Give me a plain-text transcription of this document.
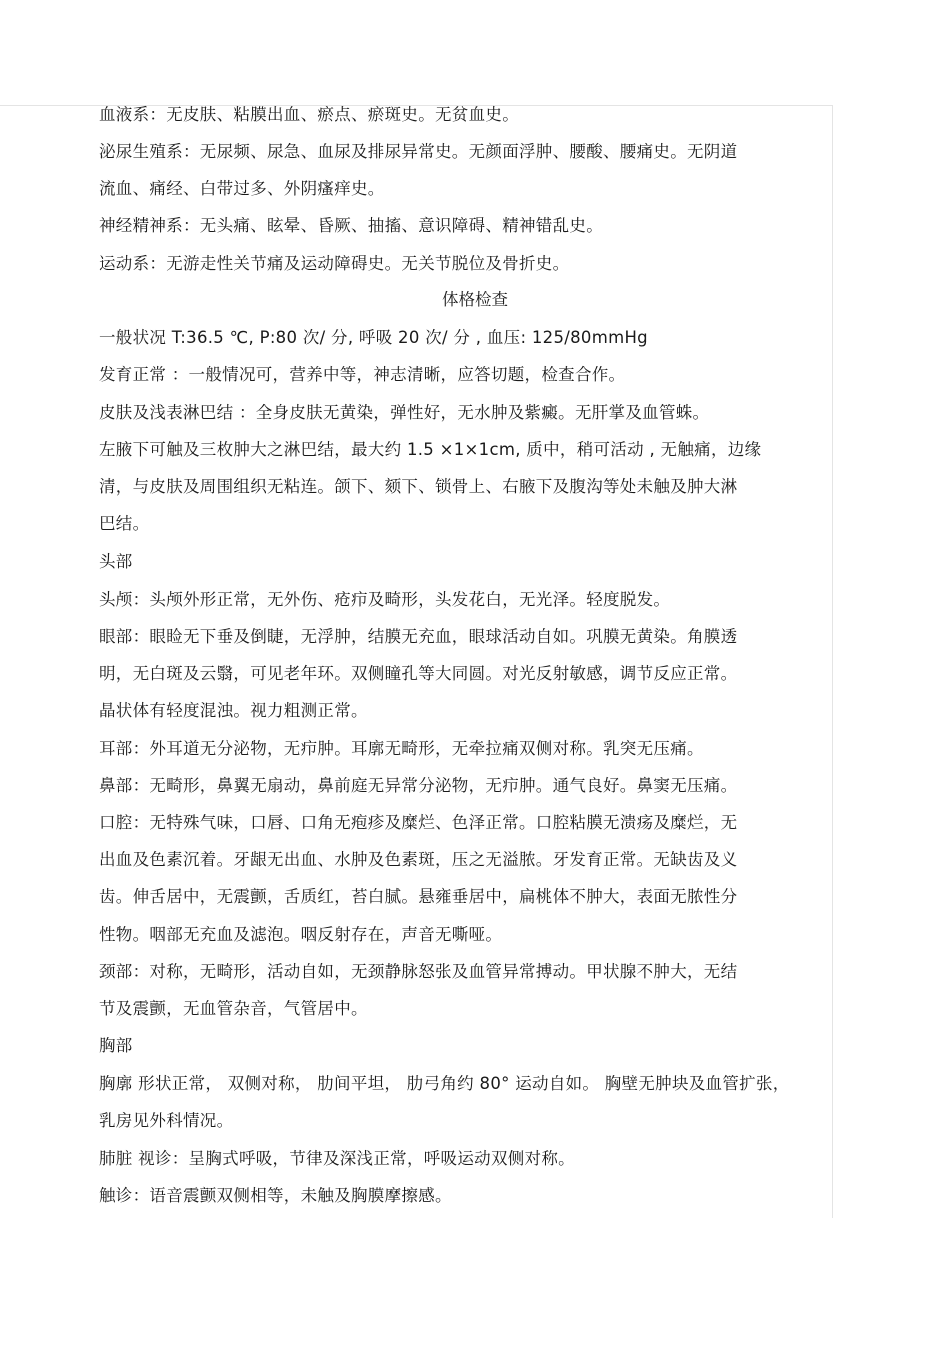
血液系：无皮肤、粘膜出血、瘀点、瘀斑史。无贫血史。
泌尿生殖系：无尿频、尿急、血尿及排尿异常史。无颜面浮肿、腰酸、腰痛史。无阴道
流血、痛经、白带过多、外阴瘙痒史。
神经精神系：无头痛、眩晕、昏厥、抽搐、意识障碍、精神错乱史。
运动系：无游走性关节痛及运动障碍史。无关节脱位及骨折史。
体格检查
一般状况 T:36.5 ℃, P:80 次/ 分, 呼吸 20 次/ 分 , 血压: 125/80mmHg
发育正常 ：一般情况可，营养中等，神志清晰，应答切题，检查合作。
皮肤及浅表淋巴结 ：全身皮肤无黄染，弹性好，无水肿及紫癜。无肝掌及血管蛛。
左腋下可触及三枚肿大之淋巴结，最大约 1.5 ×1×1cm, 质中，稍可活动 , 无触痛，边缘
清，与皮肤及周围组织无粘连。颌下、颏下、锁骨上、右腋下及腹沟等处未触及肿大淋
巴结。
头部
头颅：头颅外形正常，无外伤、疮疖及畸形，头发花白，无光泽。轻度脱发。
眼部：眼睑无下垂及倒睫，无浮肿，结膜无充血，眼球活动自如。巩膜无黄染。角膜透
明，无白斑及云翳，可见老年环。双侧瞳孔等大同圆。对光反射敏感，调节反应正常。
晶状体有轻度混浊。视力粗测正常。
耳部：外耳道无分泌物，无疖肿。耳廓无畸形，无牵拉痛双侧对称。乳突无压痛。
鼻部：无畸形，鼻翼无扇动，鼻前庭无异常分泌物，无疖肿。通气良好。鼻窦无压痛。
口腔：无特殊气味，口唇、口角无疱疹及糜烂、色泽正常。口腔粘膜无溃疡及糜烂，无
出血及色素沉着。牙龈无出血、水肿及色素斑，压之无溢脓。牙发育正常。无缺齿及义
齿。伸舌居中，无震颤，舌质红，苔白腻。悬雍垂居中，扁桃体不肿大，表面无脓性分
性物。咽部无充血及滤泡。咽反射存在，声音无嘶哑。
颈部：对称，无畸形，活动自如，无颈静脉怒张及血管异常搏动。甲状腺不肿大，无结
节及震颤，无血管杂音，气管居中。
胸部
胸廓 形状正常， 双侧对称， 肋间平坦， 肋弓角约 80° 运动自如。 胸壁无肿块及血管扩张，
乳房见外科情况。
肺脏 视诊：呈胸式呼吸，节律及深浅正常，呼吸运动双侧对称。
触诊：语音震颤双侧相等，未触及胸膜摩擦感。
